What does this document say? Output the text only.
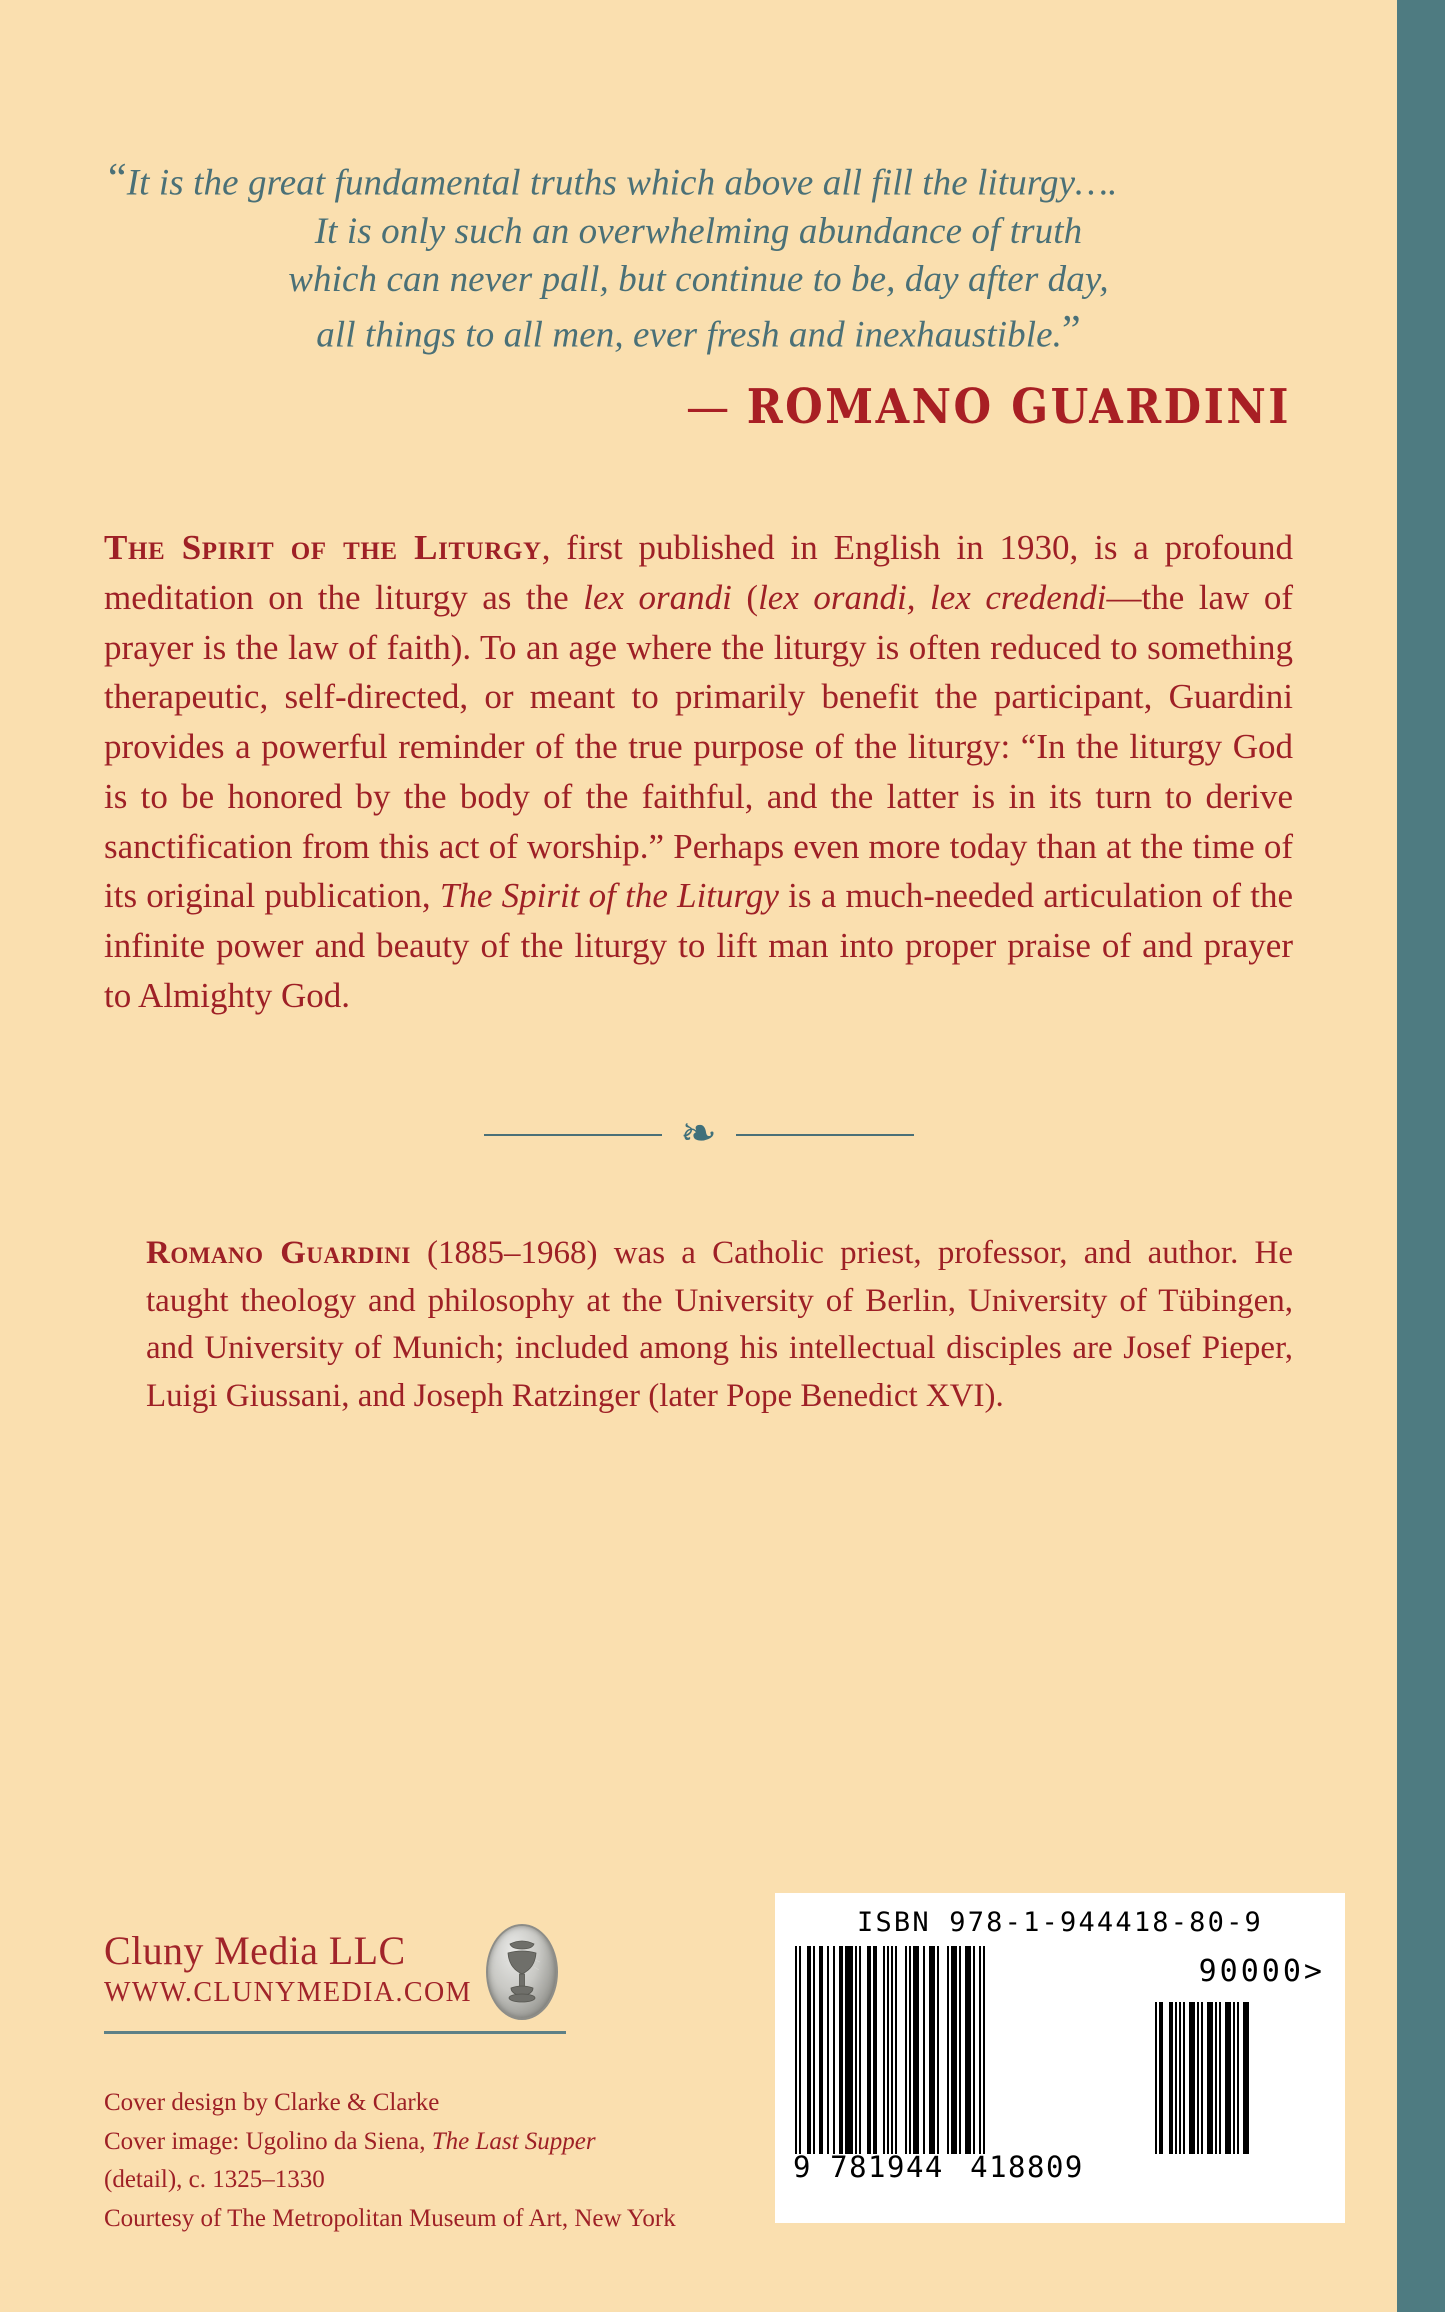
“It is the great fundamental truths which above all fill the liturgy….
It is only such an overwhelming abundance of truth
which can never pall, but continue to be, day after day,
all things to all men, ever fresh and inexhaustible.”
— ROMANO GUARDINI
The Spirit of the Liturgy, first published in English in 1930, is a profound meditation on the liturgy as the lex orandi (lex orandi, lex credendi—the law of prayer is the law of faith). To an age where the liturgy is often reduced to something therapeutic, self-directed, or meant to primarily benefit the participant, Guardini provides a powerful reminder of the true purpose of the liturgy: “In the liturgy God is to be honored by the body of the faithful, and the latter is in its turn to derive sanctification from this act of worship.” Perhaps even more today than at the time of its original publication, The Spirit of the Liturgy is a much-needed articulation of the infinite power and beauty of the liturgy to lift man into proper praise of and prayer to Almighty God.
❧
Romano Guardini (1885–1968) was a Catholic priest, professor, and author. He taught theology and philosophy at the University of Berlin, University of Tübingen, and University of Munich; included among his intellectual disciples are Josef Pieper, Luigi Giussani, and Joseph Ratzinger (later Pope Benedict XVI).
Cluny Media LLC
WWW.CLUNYMEDIA.COM
Cover design by Clarke & Clarke
Cover image: Ugolino da Siena, The Last Supper
(detail), c. 1325–1330
Courtesy of The Metropolitan Museum of Art, New York
ISBN 978-1-944418-80-9
90000>
9 781944 418809
